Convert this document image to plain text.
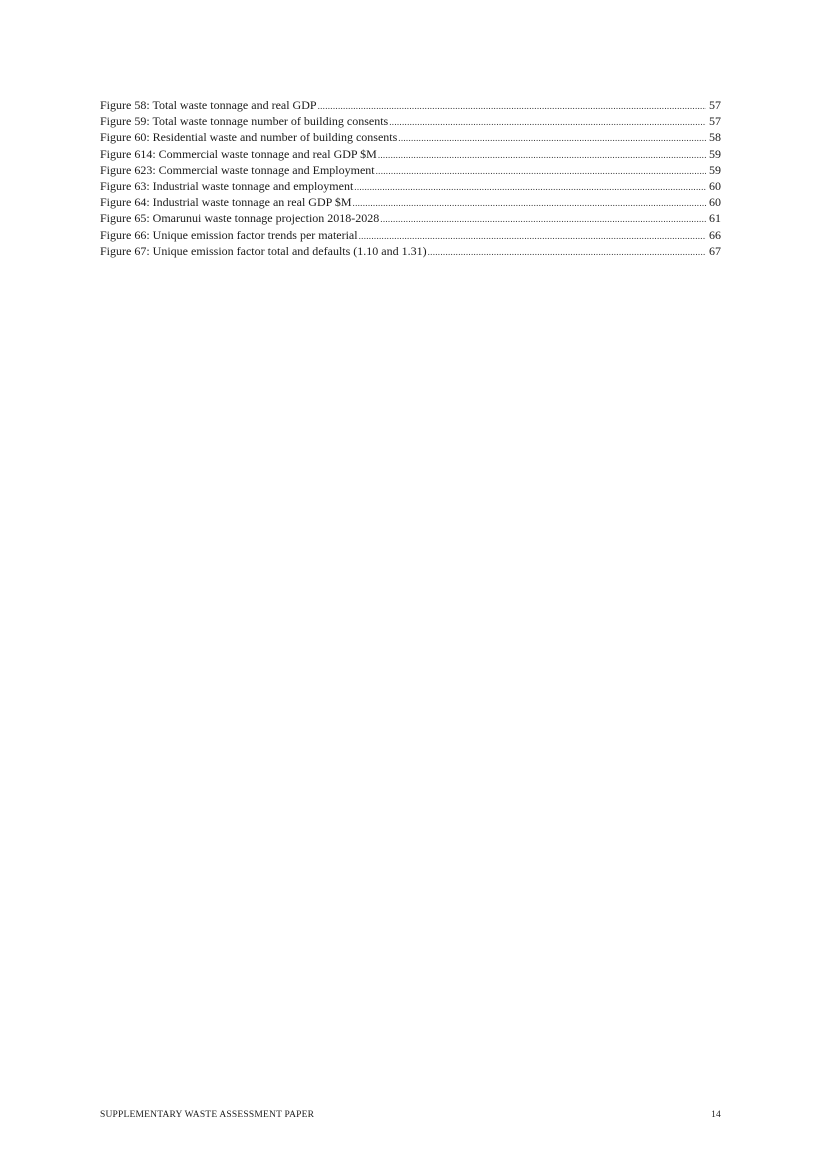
Figure 58: Total waste tonnage and real GDP .....	57
Figure 59: Total waste tonnage number of building consents .....	57
Figure 60: Residential waste and number of building consents .....	58
Figure 614: Commercial waste tonnage and real GDP $M .....	59
Figure 623: Commercial waste tonnage and Employment .....	59
Figure 63: Industrial waste tonnage and employment .....	60
Figure 64: Industrial waste tonnage an real GDP $M .....	60
Figure 65: Omarunui waste tonnage projection 2018-2028 .....	61
Figure 66: Unique emission factor trends per material .....	66
Figure 67: Unique emission factor total and defaults (1.10 and 1.31) .....	67
SUPPLEMENTARY WASTE ASSESSMENT PAPER	14
